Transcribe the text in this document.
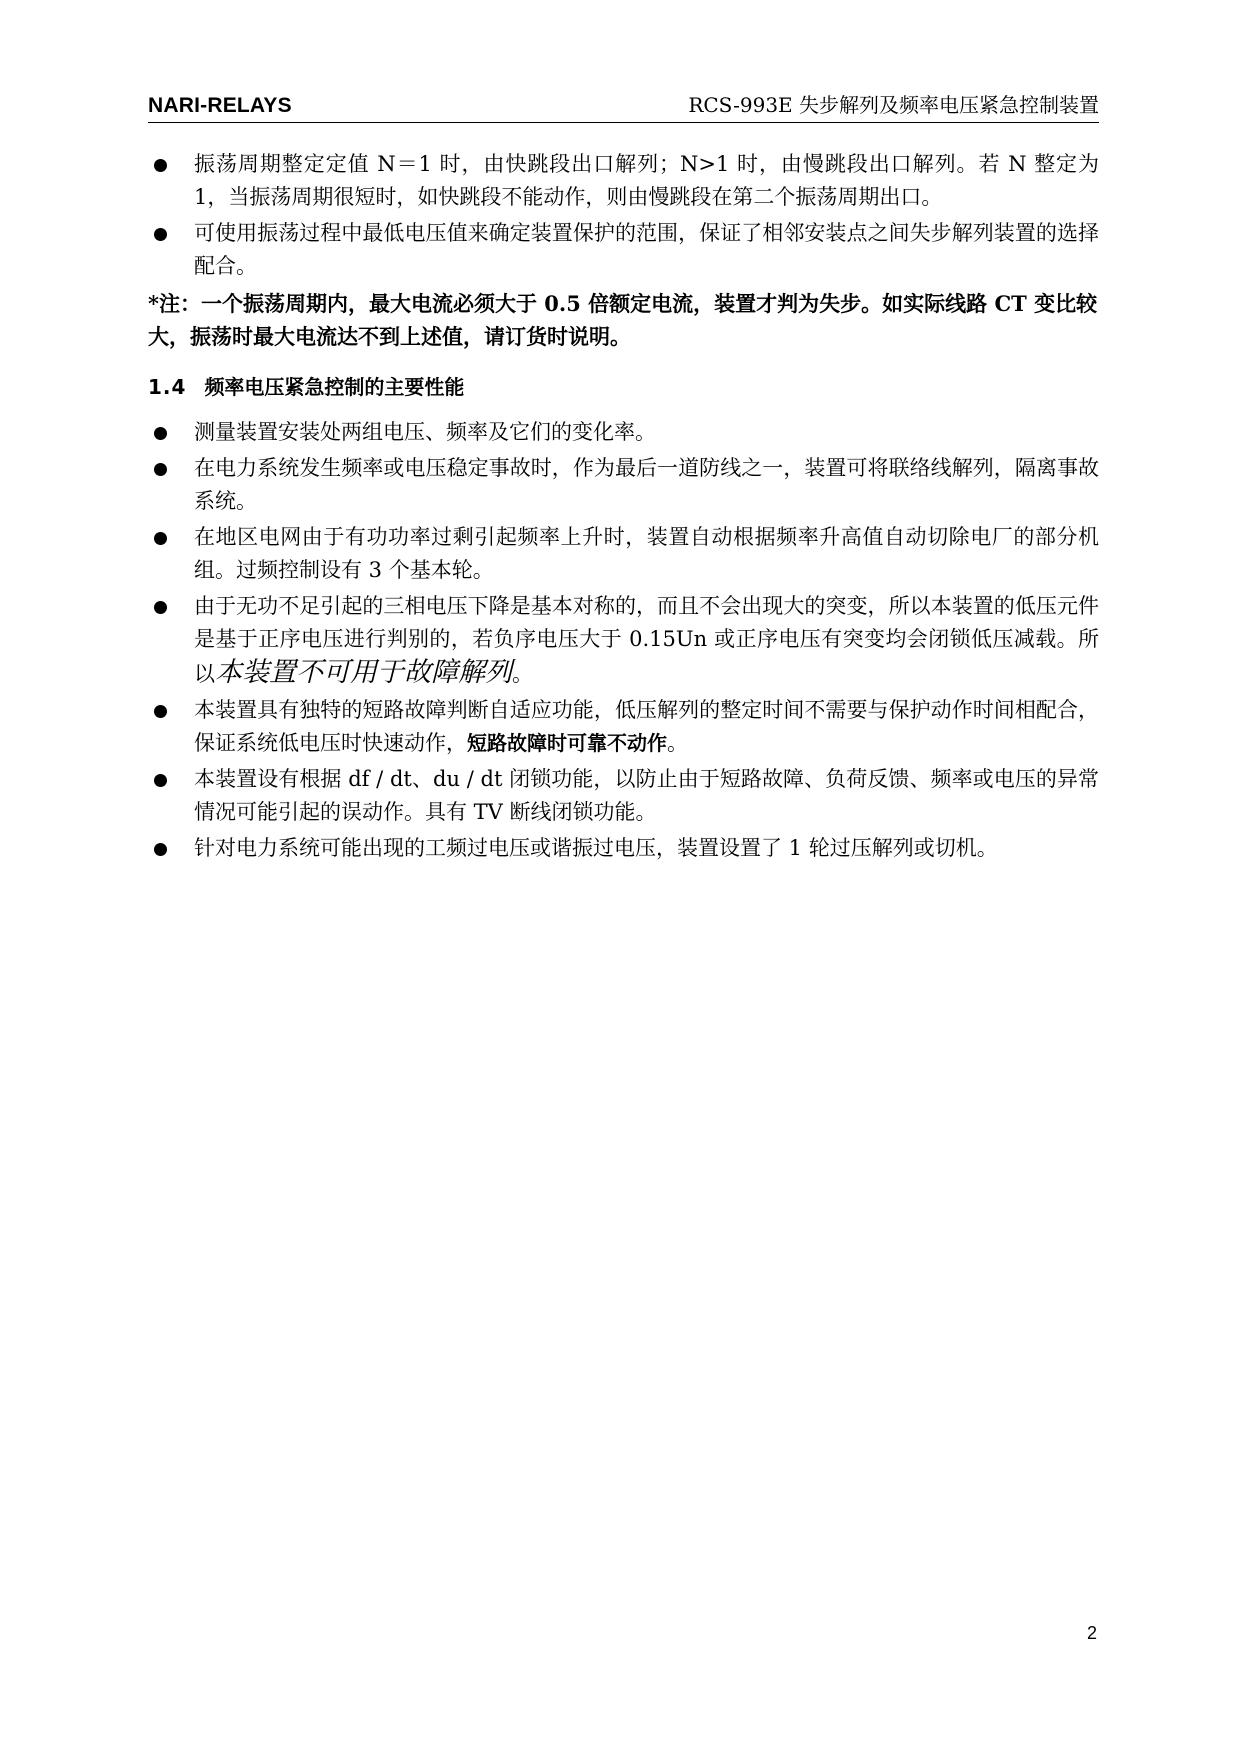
NARI-RELAYS	RCS-993E 失步解列及频率电压紧急控制装置
振荡周期整定定值 N＝1 时，由快跳段出口解列；N>1 时，由慢跳段出口解列。若 N 整定为 1，当振荡周期很短时，如快跳段不能动作，则由慢跳段在第二个振荡周期出口。
可使用振荡过程中最低电压值来确定装置保护的范围，保证了相邻安装点之间失步解列装置的选择配合。

*注：一个振荡周期内，最大电流必须大于 0.5 倍额定电流，装置才判为失步。如实际线路 CT 变比较大，振荡时最大电流达不到上述值，请订货时说明。

1.4 频率电压紧急控制的主要性能
测量装置安装处两组电压、频率及它们的变化率。
在电力系统发生频率或电压稳定事故时，作为最后一道防线之一，装置可将联络线解列，隔离事故系统。
在地区电网由于有功功率过剩引起频率上升时，装置自动根据频率升高值自动切除电厂的部分机组。过频控制设有 3 个基本轮。
由于无功不足引起的三相电压下降是基本对称的，而且不会出现大的突变，所以本装置的低压元件是基于正序电压进行判别的，若负序电压大于 0.15Un 或正序电压有突变均会闭锁低压减载。所以本装置不可用于故障解列。
本装置具有独特的短路故障判断自适应功能，低压解列的整定时间不需要与保护动作时间相配合，保证系统低电压时快速动作，短路故障时可靠不动作。
本装置设有根据 df / dt、du / dt 闭锁功能，以防止由于短路故障、负荷反馈、频率或电压的异常情况可能引起的误动作。具有 TV 断线闭锁功能。
针对电力系统可能出现的工频过电压或谐振过电压，装置设置了 1 轮过压解列或切机。
2
